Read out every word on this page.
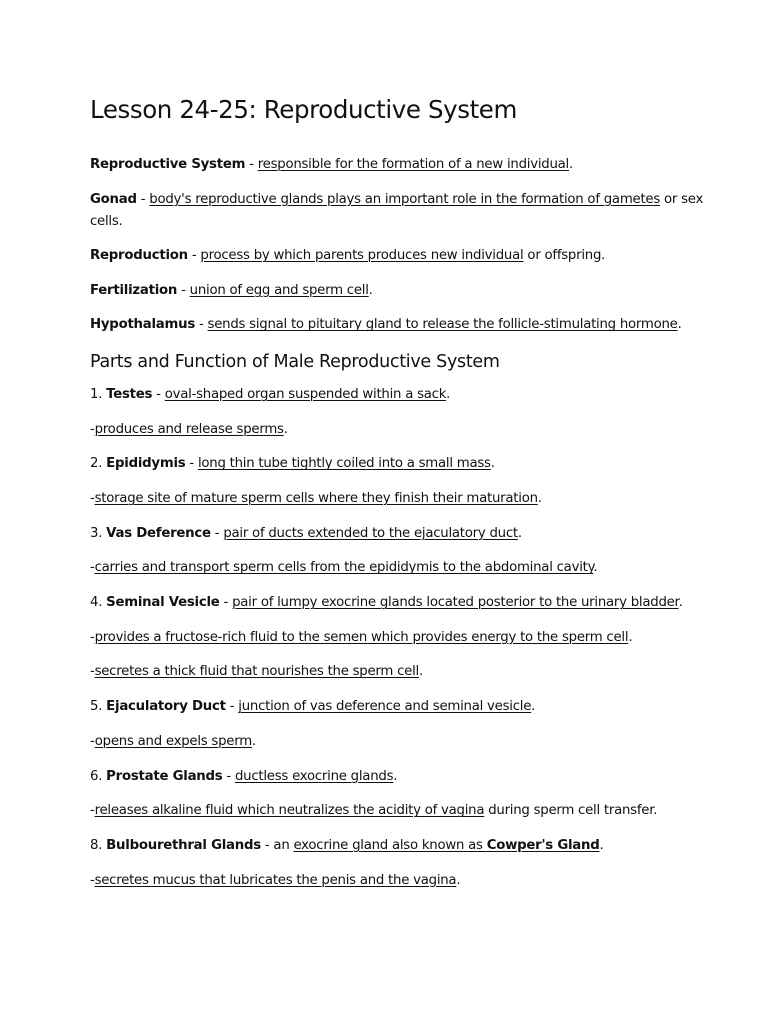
Lesson 24-25: Reproductive System

Reproductive System - responsible for the formation of a new individual.

Gonad - body's reproductive glands plays an important role in the formation of gametes or sex cells.

Reproduction - process by which parents produces new individual or offspring.

Fertilization - union of egg and sperm cell.

Hypothalamus - sends signal to pituitary gland to release the follicle-stimulating hormone.

Parts and Function of Male Reproductive System

1. Testes - oval-shaped organ suspended within a sack.

-produces and release sperms.

2. Epididymis - long thin tube tightly coiled into a small mass.

-storage site of mature sperm cells where they finish their maturation.

3. Vas Deference - pair of ducts extended to the ejaculatory duct.

-carries and transport sperm cells from the epididymis to the abdominal cavity.

4. Seminal Vesicle - pair of lumpy exocrine glands located posterior to the urinary bladder.

-provides a fructose-rich fluid to the semen which provides energy to the sperm cell.

-secretes a thick fluid that nourishes the sperm cell.

5. Ejaculatory Duct - junction of vas deference and seminal vesicle.

-opens and expels sperm.

6. Prostate Glands - ductless exocrine glands.

-releases alkaline fluid which neutralizes the acidity of vagina during sperm cell transfer.

8. Bulbourethral Glands - an exocrine gland also known as Cowper's Gland.

-secretes mucus that lubricates the penis and the vagina.
